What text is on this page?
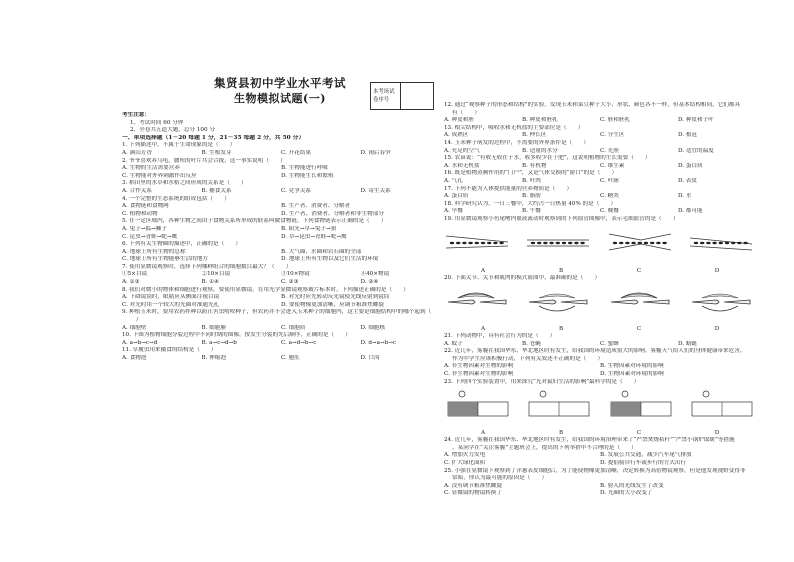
集贤县初中学业水平考试
生物模拟试题(一)	本考场试卷序号
考生注意：
1、考试时间 60 分钟
2、全卷共五道大题，总分 100 分
一、单项选择题（1－20 每题 1 分，21－35 每题 2 分，共 50 分）
1. 下列描述中，不属于生命现象的是（　　）
A. 满山芳香	B. 生根发芽	C. 开花结果	D. 雨后春笋
2. 爷爷喜欢养乌龟，腰所的叶片共会合拢，这一事实说明（　　）
A. 生物的生活需要营养	B. 生物能进行呼吸
C. 生物能对外界刺激作出反应	D. 生物能生长和繁殖
3. 稻田里的水草和水稻之间形成的关系是（　　）
A. 合作关系	B. 捕食关系	C. 竞争关系	D. 寄生关系
4. 一个完整的生态系统的组成包括（　　）
A. 食物链和食物网	B. 生产者、消费者、分解者
C. 植物和动物	D. 生产者、消费者、分解者和非生物部分
5. 在一定区域内，各种生物之间由于食物关系所形成的联系叫做食物链。下列食物链表示正确的是（　　）
A. 兔子→狐→狮子	B. 阳光→草→兔子→狼
C. 昆虫→青蛙→蛇→鹰	D. 草→昆虫→青蛙→蛇→鹰
6. 下列有关生物圈的描述中，正确的是（　　）
A. 地球上所有生物的总称	B. 大气圈、水圈和岩石圈的全部
C. 地球上所有生物能够生活的地方	D. 地球上所有生物以及它们生活的环境
7. 使用显微镜观察时，选择下列哪种组合的细胞数目最大？（　　）
①5×目镜	②10×目镜	③10×物镜	④40×物镜
A. ①③	B. ①④	C. ②③	D. ②④
8. 我们对微小的物体和细胞进行观察，要使用显微镜。在用光学显微镜观察玻片标本时，下列描述正确的是（　　）
A. 下降镜筒时，眼睛应从侧面注视目镜	B. 对光时应先转动反光镜使光线反射到镜筒
C. 对光时用一个较大的光圈对准通光孔	D. 要使物像更加清晰，应调节粗准焦螺旋
9. 种植玉米时，要用农药拌种以防止害虫啃咬种子，但农药并不会进入玉米种子的细胞内，这主要是细胞结构中的哪个起到（　
　）
A. 细胞壁	B. 细胞膜	C. 细胞质	D. 细胞核
10. 下图为植物细胞分裂过程中不同时期的图像，按发生分裂的先后顺序，正确的是（　　）
A. a→b→c→d	B. a→c→d→b	C. a→d→b→c	D. d→a→b→c
11. 草履虫用来摄食的结构是（　　）
A. 食物泡	B. 伸缩泡	C. 胞肛	D. 口沟
12. 通过“观察种子的形态和结构”的实验，发现玉米和菜豆种子大小、形状、颜色各不一样，但基本结构相同，它们都具
有（　　）
A. 种皮和胚	B. 种皮和胚乳	C. 胚和胚乳	D. 种皮和子叶
13. 根尖结构中，吸收水和无机盐的主要部位是（　　）
A. 成熟区	B. 伸长区	C. 分生区	D. 根冠
14. 玉米种子萌发的过程中，不需要的外界条件是（　　）
A. 充足的空气	B. 适量的水分	C. 光照	D. 适宜的温度
15. 农谚说：“有收无收在于水，收多收少在于肥”，这说明植物的生长需要（　　）
A. 水和无机盐	B. 有机物	C. 维生素	D. 蛋白质
16. 既是植物蒸腾作用的“门户”，又是气体交换的“窗口”的是（　　）
A. 气孔	B. 叶肉	C. 叶脉	D. 表皮
17. 下列不能为人体提供能量的营养物质是（　　）
A. 蛋白质	B. 脂肪	C. 糖类	D. 水
18. 科学研究认为，一日三餐中，大约占一日热量 40% 的是（　　）
A. 早餐	B. 午餐	C. 晚餐	D. 都可能
19. 用显微镜观察小鱼尾鳍内血液流动时观察到的下列血管图像中，表示毛细血管的是（　　）
A	B	C	D
20. 下面关节、关节和肌肉的模式简图中，最准确的是（　　）
A	B	C	D
21. 下列动物中，具有社会行为的是（　　）
A. 蚊子	B. 苍蝇	C. 蜜蜂	D. 蜻蜓
22. 近几年，雾霾在我国华东、华北地区时有发生，给我国的环境造成很大的影响。雾霾天气给人们的身体健康带来危害，
作为中学生应该积极行动，下列有关叙述不正确的是（　　）
A. 非生物因素对生物的影响	B. 生物因素对环境的影响
C. 非生物因素对生物的影响	D. 生物因素对环境的影响
23. 下列四个实验装置中，用来探究“光对鼠妇生活的影响”最科学的是（　　）
A	B	C	D
24. 近几年，雾霾在我国华东、华北地区时有发生，给我国的环境治理带来了“严禁焚烧秸秆”“严禁小锅炉取暖”等措施
。某同学在“关注雾霾”主题班会上，提出的下列举措中不合理的是（　　）
A. 增加火力发电	B. 发展公共交通，减少汽车尾气排放
C. 扩大绿化面积	D. 提倡骑自行车或步行的方式出行
25. 小强在显微镜下观察到了洋葱表皮细胞后，为了能使物像更加清晰，决定转换为高倍物镜观察，但是他发现视野变得非
常暗，你认为最可能的原因是（　　）
A. 没有调节粗准焦螺旋	B. 射入的光线发生了改变
C. 显微镜的物镜转换了	D. 光圈的大小改变了
